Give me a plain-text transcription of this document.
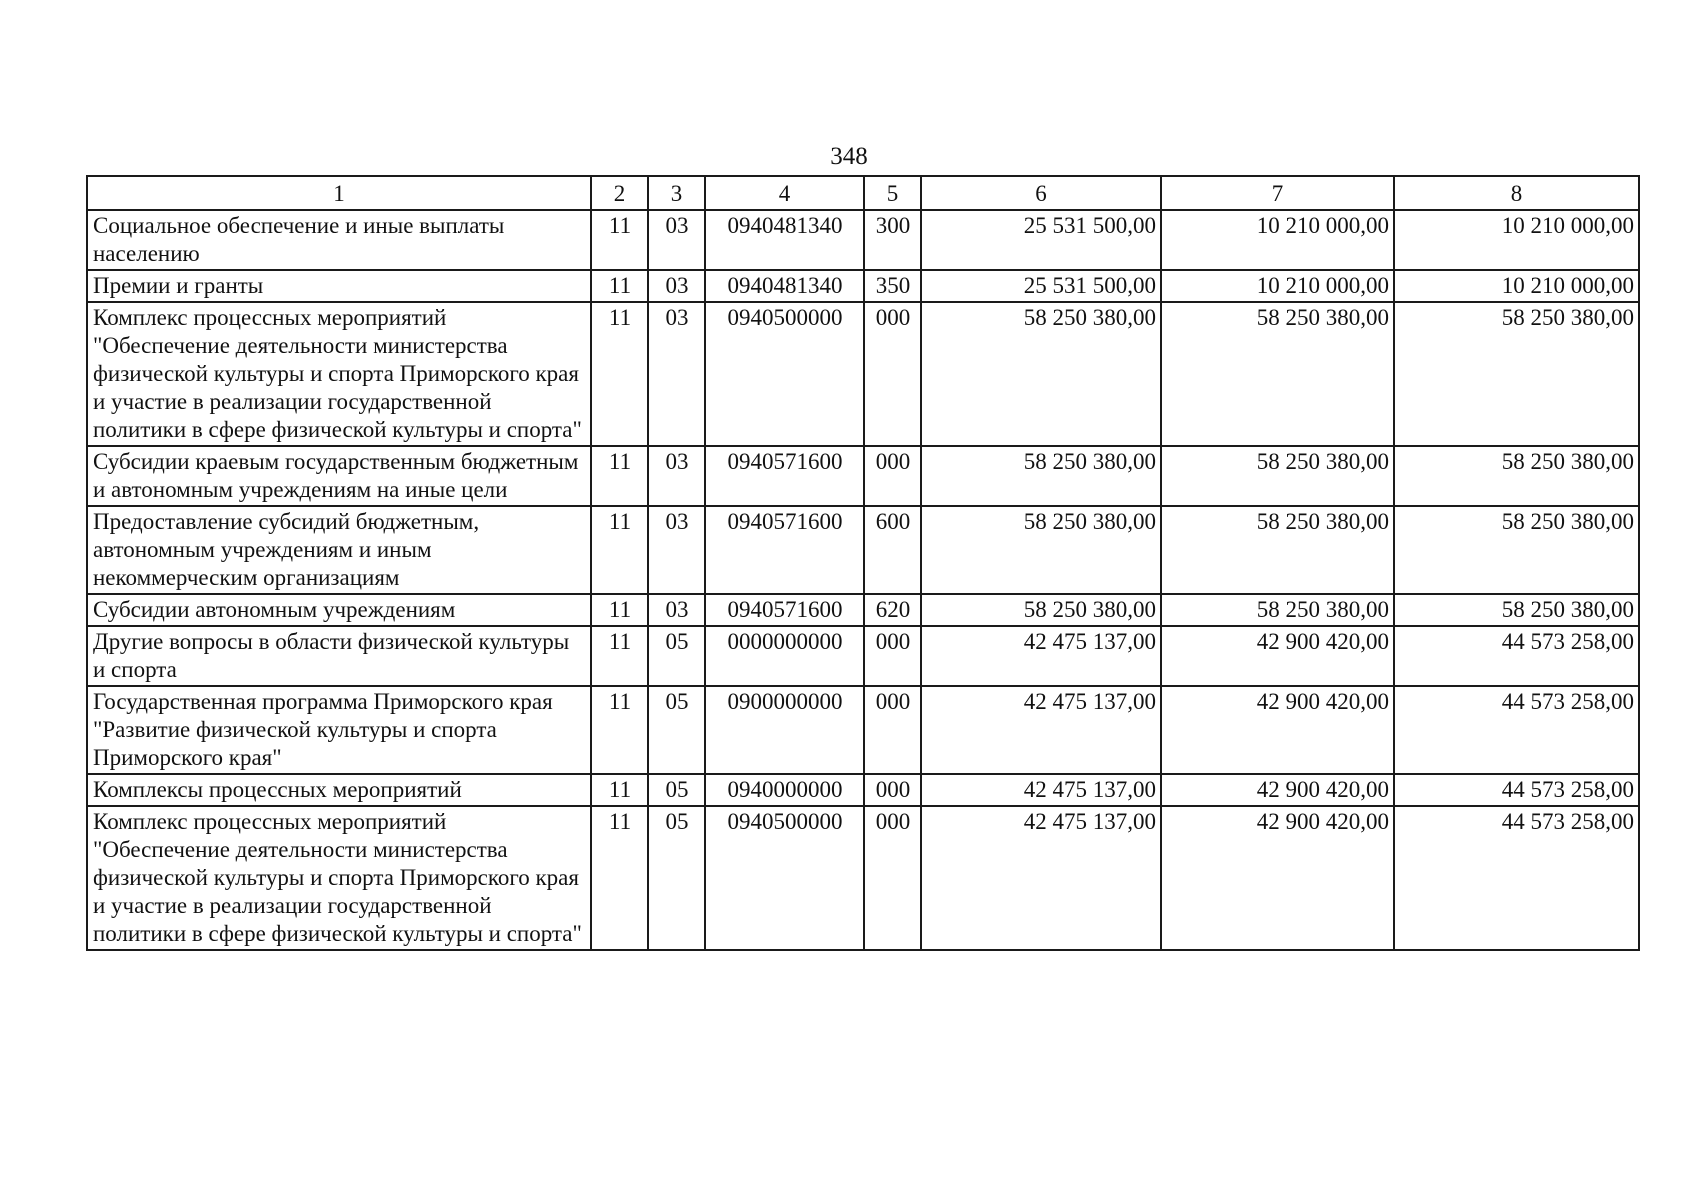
348
1	2	3	4	5	6	7	8
Социальное обеспечение и иные выплаты населению	11	03	0940481340	300	25 531 500,00	10 210 000,00	10 210 000,00
Премии и гранты	11	03	0940481340	350	25 531 500,00	10 210 000,00	10 210 000,00
Комплекс процессных мероприятий "Обеспечение деятельности министерства физической культуры и спорта Приморского края и участие в реализации государственной политики в сфере физической культуры и спорта"	11	03	0940500000	000	58 250 380,00	58 250 380,00	58 250 380,00
Субсидии краевым государственным бюджетным и автономным учреждениям на иные цели	11	03	0940571600	000	58 250 380,00	58 250 380,00	58 250 380,00
Предоставление субсидий бюджетным, автономным учреждениям и иным некоммерческим организациям	11	03	0940571600	600	58 250 380,00	58 250 380,00	58 250 380,00
Субсидии автономным учреждениям	11	03	0940571600	620	58 250 380,00	58 250 380,00	58 250 380,00
Другие вопросы в области физической культуры и спорта	11	05	0000000000	000	42 475 137,00	42 900 420,00	44 573 258,00
Государственная программа Приморского края "Развитие физической культуры и спорта Приморского края"	11	05	0900000000	000	42 475 137,00	42 900 420,00	44 573 258,00
Комплексы процессных мероприятий	11	05	0940000000	000	42 475 137,00	42 900 420,00	44 573 258,00
Комплекс процессных мероприятий "Обеспечение деятельности министерства физической культуры и спорта Приморского края и участие в реализации государственной политики в сфере физической культуры и спорта"	11	05	0940500000	000	42 475 137,00	42 900 420,00	44 573 258,00
